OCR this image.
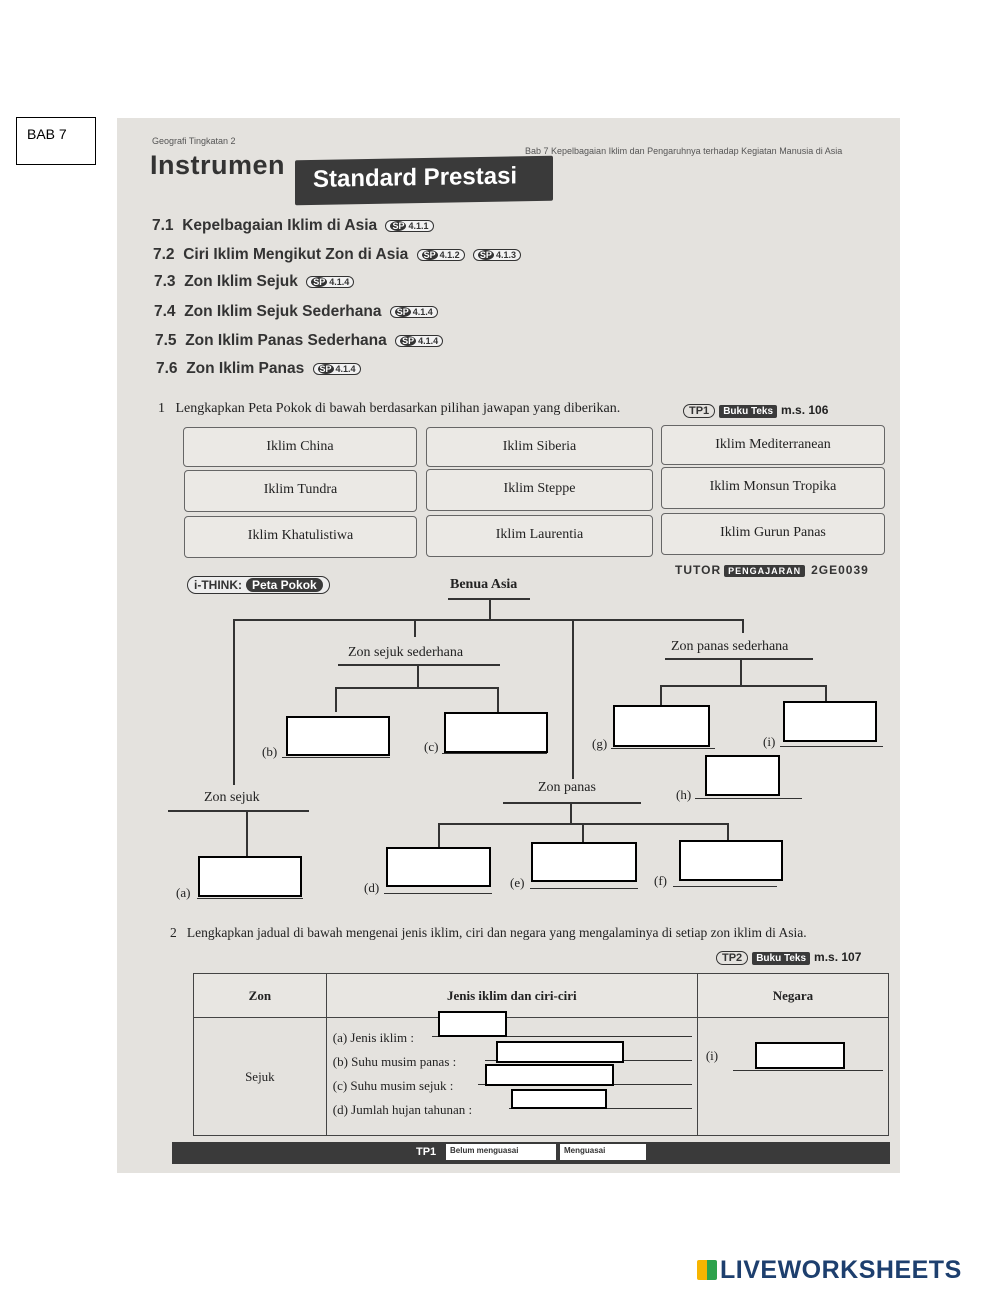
BAB 7	Geografi Tingkatan 2
Bab 7 Kepelbagaian Iklim dan Pengaruhnya terhadap Kegiatan Manusia di Asia
Instrumen	Standard Prestasi
7.1 Kepelbagaian Iklim di Asia SP 4.1.1
7.2 Ciri Iklim Mengikut Zon di Asia SP 4.1.2 SP 4.1.3
7.3 Zon Iklim Sejuk SP 4.1.4
7.4 Zon Iklim Sejuk Sederhana SP 4.1.4
7.5 Zon Iklim Panas Sederhana SP 4.1.4
7.6 Zon Iklim Panas SP 4.1.4
1 Lengkapkan Peta Pokok di bawah berdasarkan pilihan jawapan yang diberikan.	TP1 Buku Teks m.s. 106
Iklim China	Iklim Siberia	Iklim Mediterranean
Iklim Tundra	Iklim Steppe	Iklim Monsun Tropika
Iklim Khatulistiwa	Iklim Laurentia	Iklim Gurun Panas
i-THINK: Peta Pokok
TUTOR PENGAJARAN 2GE0039
Benua Asia
Zon sejuk sederhana	Zon panas sederhana
(b)	(c)	(g)	(i)
Zon sejuk
(a)
Zon panas	(h)
(d)	(e)	(f)
2 Lengkapkan jadual di bawah mengenai jenis iklim, ciri dan negara yang mengalaminya di setiap zon iklim di Asia.
TP2 Buku Teks m.s. 107
Zon	Jenis iklim dan ciri-ciri	Negara
Sejuk	(a) Jenis iklim :
(b) Suhu musim panas :
(c) Suhu musim sejuk :
(d) Jumlah hujan tahunan :	(i)
TP1	Belum menguasai	Menguasai
LIVEWORKSHEETS
